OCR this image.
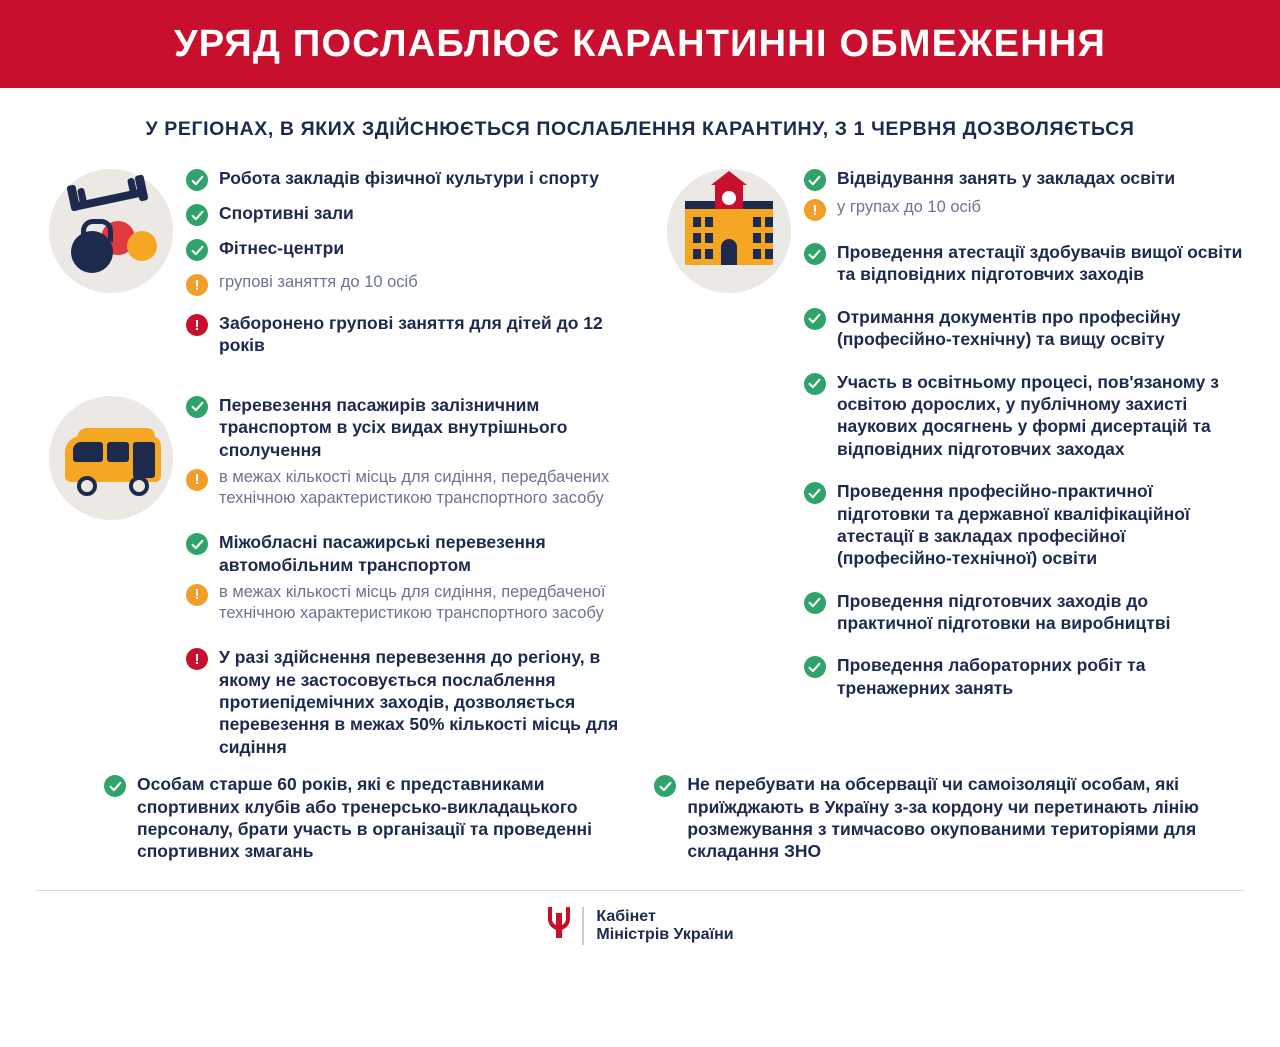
УРЯД ПОСЛАБЛЮЄ КАРАНТИННІ ОБМЕЖЕННЯ
У РЕГІОНАХ, В ЯКИХ ЗДІЙСНЮЄТЬСЯ ПОСЛАБЛЕННЯ КАРАНТИНУ, З 1 ЧЕРВНЯ ДОЗВОЛЯЄТЬСЯ
Робота закладів фізичної культури і спорту
Спортивні зали
Фітнес-центри
!	групові заняття до 10 осіб
!	Заборонено групові заняття для дітей до 12 років
Перевезення пасажирів залізничним транспортом в усіх видах внутрішнього сполучення
!	в межах кількості місць для сидіння, передбачених технічною характеристикою транспортного засобу
Міжобласні пасажирські перевезення автомобільним транспортом
!	в межах кількості місць для сидіння, передбаченої технічною характеристикою транспортного засобу
!	У разі здійснення перевезення до регіону, в якому не застосовується послаблення протиепідемічних заходів, дозволяється перевезення в межах 50% кількості місць для сидіння
Відвідування занять у закладах освіти
!	у групах до 10 осіб
Проведення атестації здобувачів вищої освіти та відповідних підготовчих заходів
Отримання документів про професійну (професійно-технічну) та вищу освіту
Участь в освітньому процесі, пов'язаному з освітою дорослих, у публічному захисті наукових досягнень у формі дисертацій та відповідних підготовчих заходах
Проведення професійно-практичної підготовки та державної кваліфікаційної атестації в закладах професійної (професійно-технічної) освіти
Проведення підготовчих заходів до практичної підготовки на виробництві
Проведення лабораторних робіт та тренажерних занять
Особам старше 60 років, які є представниками спортивних клубів або тренерсько-викладацького персоналу, брати участь в організації та проведенні спортивних змагань
Не перебувати на обсервації чи самоізоляції особам, які приїжджають в Україну з-за кордону чи перетинають лінію розмежування з тимчасово окупованими територіями для складання ЗНО
Кабінет
Міністрів України
